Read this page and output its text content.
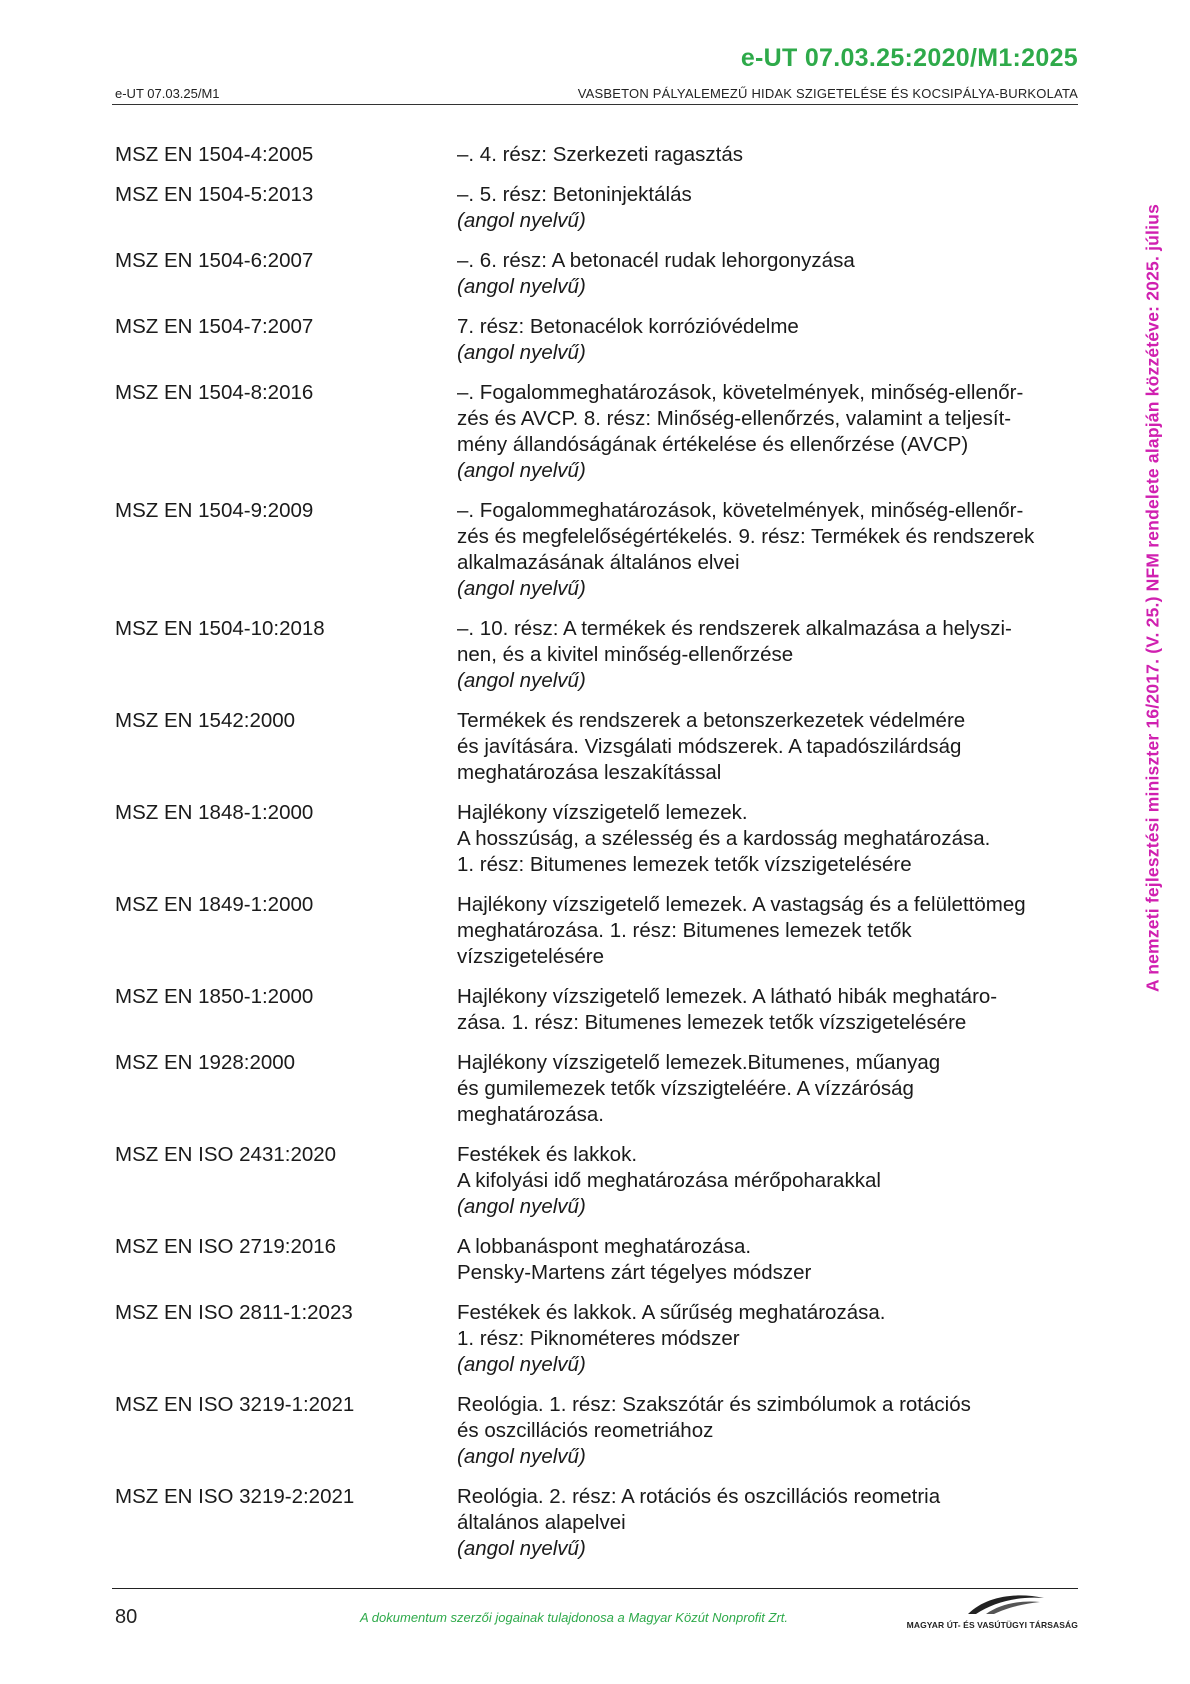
e-UT 07.03.25:2020/M1:2025
e-UT 07.03.25/M1	VASBETON PÁLYALEMEZŰ HIDAK SZIGETELÉSE ÉS KOCSIPÁLYA-BURKOLATA
MSZ EN 1504-4:2005	–. 4. rész: Szerkezeti ragasztás
MSZ EN 1504-5:2013	–. 5. rész: Betoninjektálás
(angol nyelvű)
MSZ EN 1504-6:2007	–. 6. rész: A betonacél rudak lehorgonyzása
(angol nyelvű)
MSZ EN 1504-7:2007	7. rész: Betonacélok korrózióvédelme
(angol nyelvű)
MSZ EN 1504-8:2016	–. Fogalommeghatározások, követelmények, minőség-ellenőr-
zés és AVCP. 8. rész: Minőség-ellenőrzés, valamint a teljesít-
mény állandóságának értékelése és ellenőrzése (AVCP)
(angol nyelvű)
MSZ EN 1504-9:2009	–. Fogalommeghatározások, követelmények, minőség-ellenőr-
zés és megfelelőségértékelés. 9. rész: Termékek és rendszerek
alkalmazásának általános elvei
(angol nyelvű)
MSZ EN 1504-10:2018	–. 10. rész: A termékek és rendszerek alkalmazása a helyszi-
nen, és a kivitel minőség-ellenőrzése
(angol nyelvű)
MSZ EN 1542:2000	Termékek és rendszerek a betonszerkezetek védelmére
és javítására. Vizsgálati módszerek. A tapadószilárdság
meghatározása leszakítással
MSZ EN 1848-1:2000	Hajlékony vízszigetelő lemezek.
A hosszúság, a szélesség és a kardosság meghatározása.
1. rész: Bitumenes lemezek tetők vízszigetelésére
MSZ EN 1849-1:2000	Hajlékony vízszigetelő lemezek. A vastagság és a felülettömeg
meghatározása. 1. rész: Bitumenes lemezek tetők
vízszigetelésére
MSZ EN 1850-1:2000	Hajlékony vízszigetelő lemezek. A látható hibák meghatáro-
zása. 1. rész: Bitumenes lemezek tetők vízszigetelésére
MSZ EN 1928:2000	Hajlékony vízszigetelő lemezek.Bitumenes, műanyag
és gumilemezek tetők vízszigteléére. A vízzáróság
meghatározása.
MSZ EN ISO 2431:2020	Festékek és lakkok.
A kifolyási idő meghatározása mérőpoharakkal
(angol nyelvű)
MSZ EN ISO 2719:2016	A lobbanáspont meghatározása.
Pensky-Martens zárt tégelyes módszer
MSZ EN ISO 2811-1:2023	Festékek és lakkok. A sűrűség meghatározása.
1. rész: Piknométeres módszer
(angol nyelvű)
MSZ EN ISO 3219-1:2021	Reológia. 1. rész: Szakszótár és szimbólumok a rotációs
és oszcillációs reometriához
(angol nyelvű)
MSZ EN ISO 3219-2:2021	Reológia. 2. rész: A rotációs és oszcillációs reometria
általános alapelvei
(angol nyelvű)
A nemzeti fejlesztési miniszter 16/2017. (V. 25.) NFM rendelete alapján közzétéve: 2025. július
80	A dokumentum szerzői jogainak tulajdonosa a Magyar Közút Nonprofit Zrt.	MAGYAR ÚT- ÉS VASÚTÜGYI TÁRSASÁG
